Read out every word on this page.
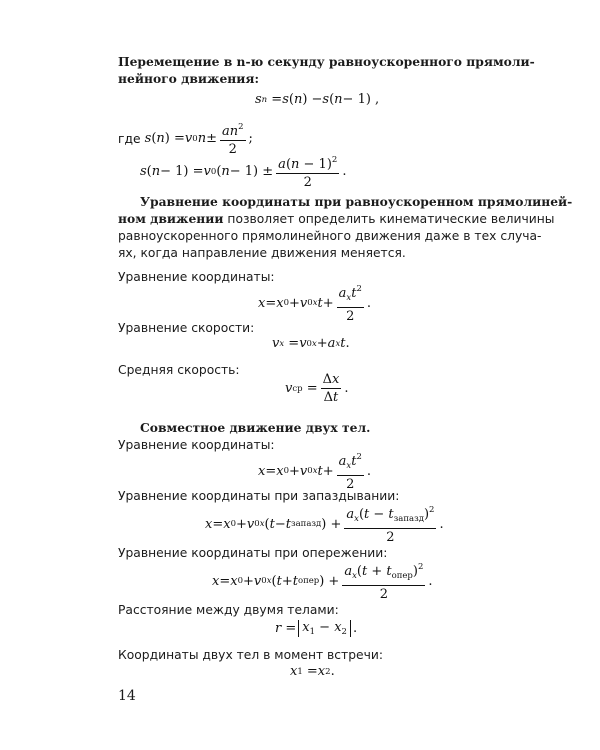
Перемещение в n-ю секунду равноускоренного прямоли-
нейного движения:
s n = s ( n ) − s ( n − 1) ,
где
s ( n ) = v 0 $n \pm \frac{an^2}{2}$ ;
s ( n − 1) = v 0 ( $n - 1) \pm \frac{a(n - 1)^2}{2}$ .
Уравнение координаты при равноускоренном прямолиней-
ном движении позволяет определить кинематические величины
равноускоренного прямолинейного движения даже в тех случа-
ях, когда направление движения меняется.
Уравнение координаты:
x = x 0 + v 0x $t + \frac{a_xt^2}{2}$ .
Уравнение скорости:
v x = v 0x + a x t .
Средняя скорость:
v ср = $\frac{\Delta x}{\Delta t}$ .
Совместное движение двух тел.
Уравнение координаты:
x = x 0 + v 0x $t + \frac{a_xt^2}{2}$ .
Уравнение координаты при запаздывании:
x = x 0 + v 0x ( t − t запазд ) + $\frac{a_x(t - t_{запазд})^2}{2}$ .
Уравнение координаты при опережении:
x = x 0 + v 0x ( t + t опер ) + $\frac{a_x(t + t_{опер})^2}{2}$ .
Расстояние между двумя телами:
$r = x_1 - x_2$ .
Координаты двух тел в момент встречи:
x 1 = x 2 .
14
